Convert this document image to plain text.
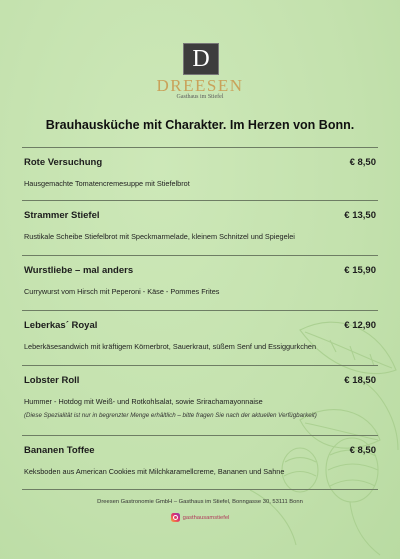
D
DREESEN
Gasthaus im Stiefel
Brauhausküche mit Charakter. Im Herzen von Bonn.
Rote Versuchung	€ 8,50
Hausgemachte Tomatencremesuppe mit Stiefelbrot
Strammer Stiefel	€ 13,50
Rustikale Scheibe Stiefelbrot mit Speckmarmelade, kleinem Schnitzel und Spiegelei
Wurstliebe – mal anders	€ 15,90
Currywurst vom Hirsch mit Peperoni - Käse - Pommes Frites
Leberkas´ Royal	€ 12,90
Leberkäsesandwich mit kräftigem Körnerbrot, Sauerkraut, süßem Senf und Essiggurkchen
Lobster Roll	€ 18,50
Hummer - Hotdog mit Weiß- und Rotkohlsalat, sowie Srirachamayonnaise
(Diese Spezialität ist nur in begrenzter Menge erhältlich – bitte fragen Sie nach der aktuellen Verfügbarkeit)
Bananen Toffee	€ 8,50
Keksboden aus American Cookies mit Milchkaramellcreme, Bananen und Sahne
Dreesen Gastronomie GmbH – Gasthaus im Stiefel, Bonngasse 30, 53111 Bonn
gasthausamstiefel
